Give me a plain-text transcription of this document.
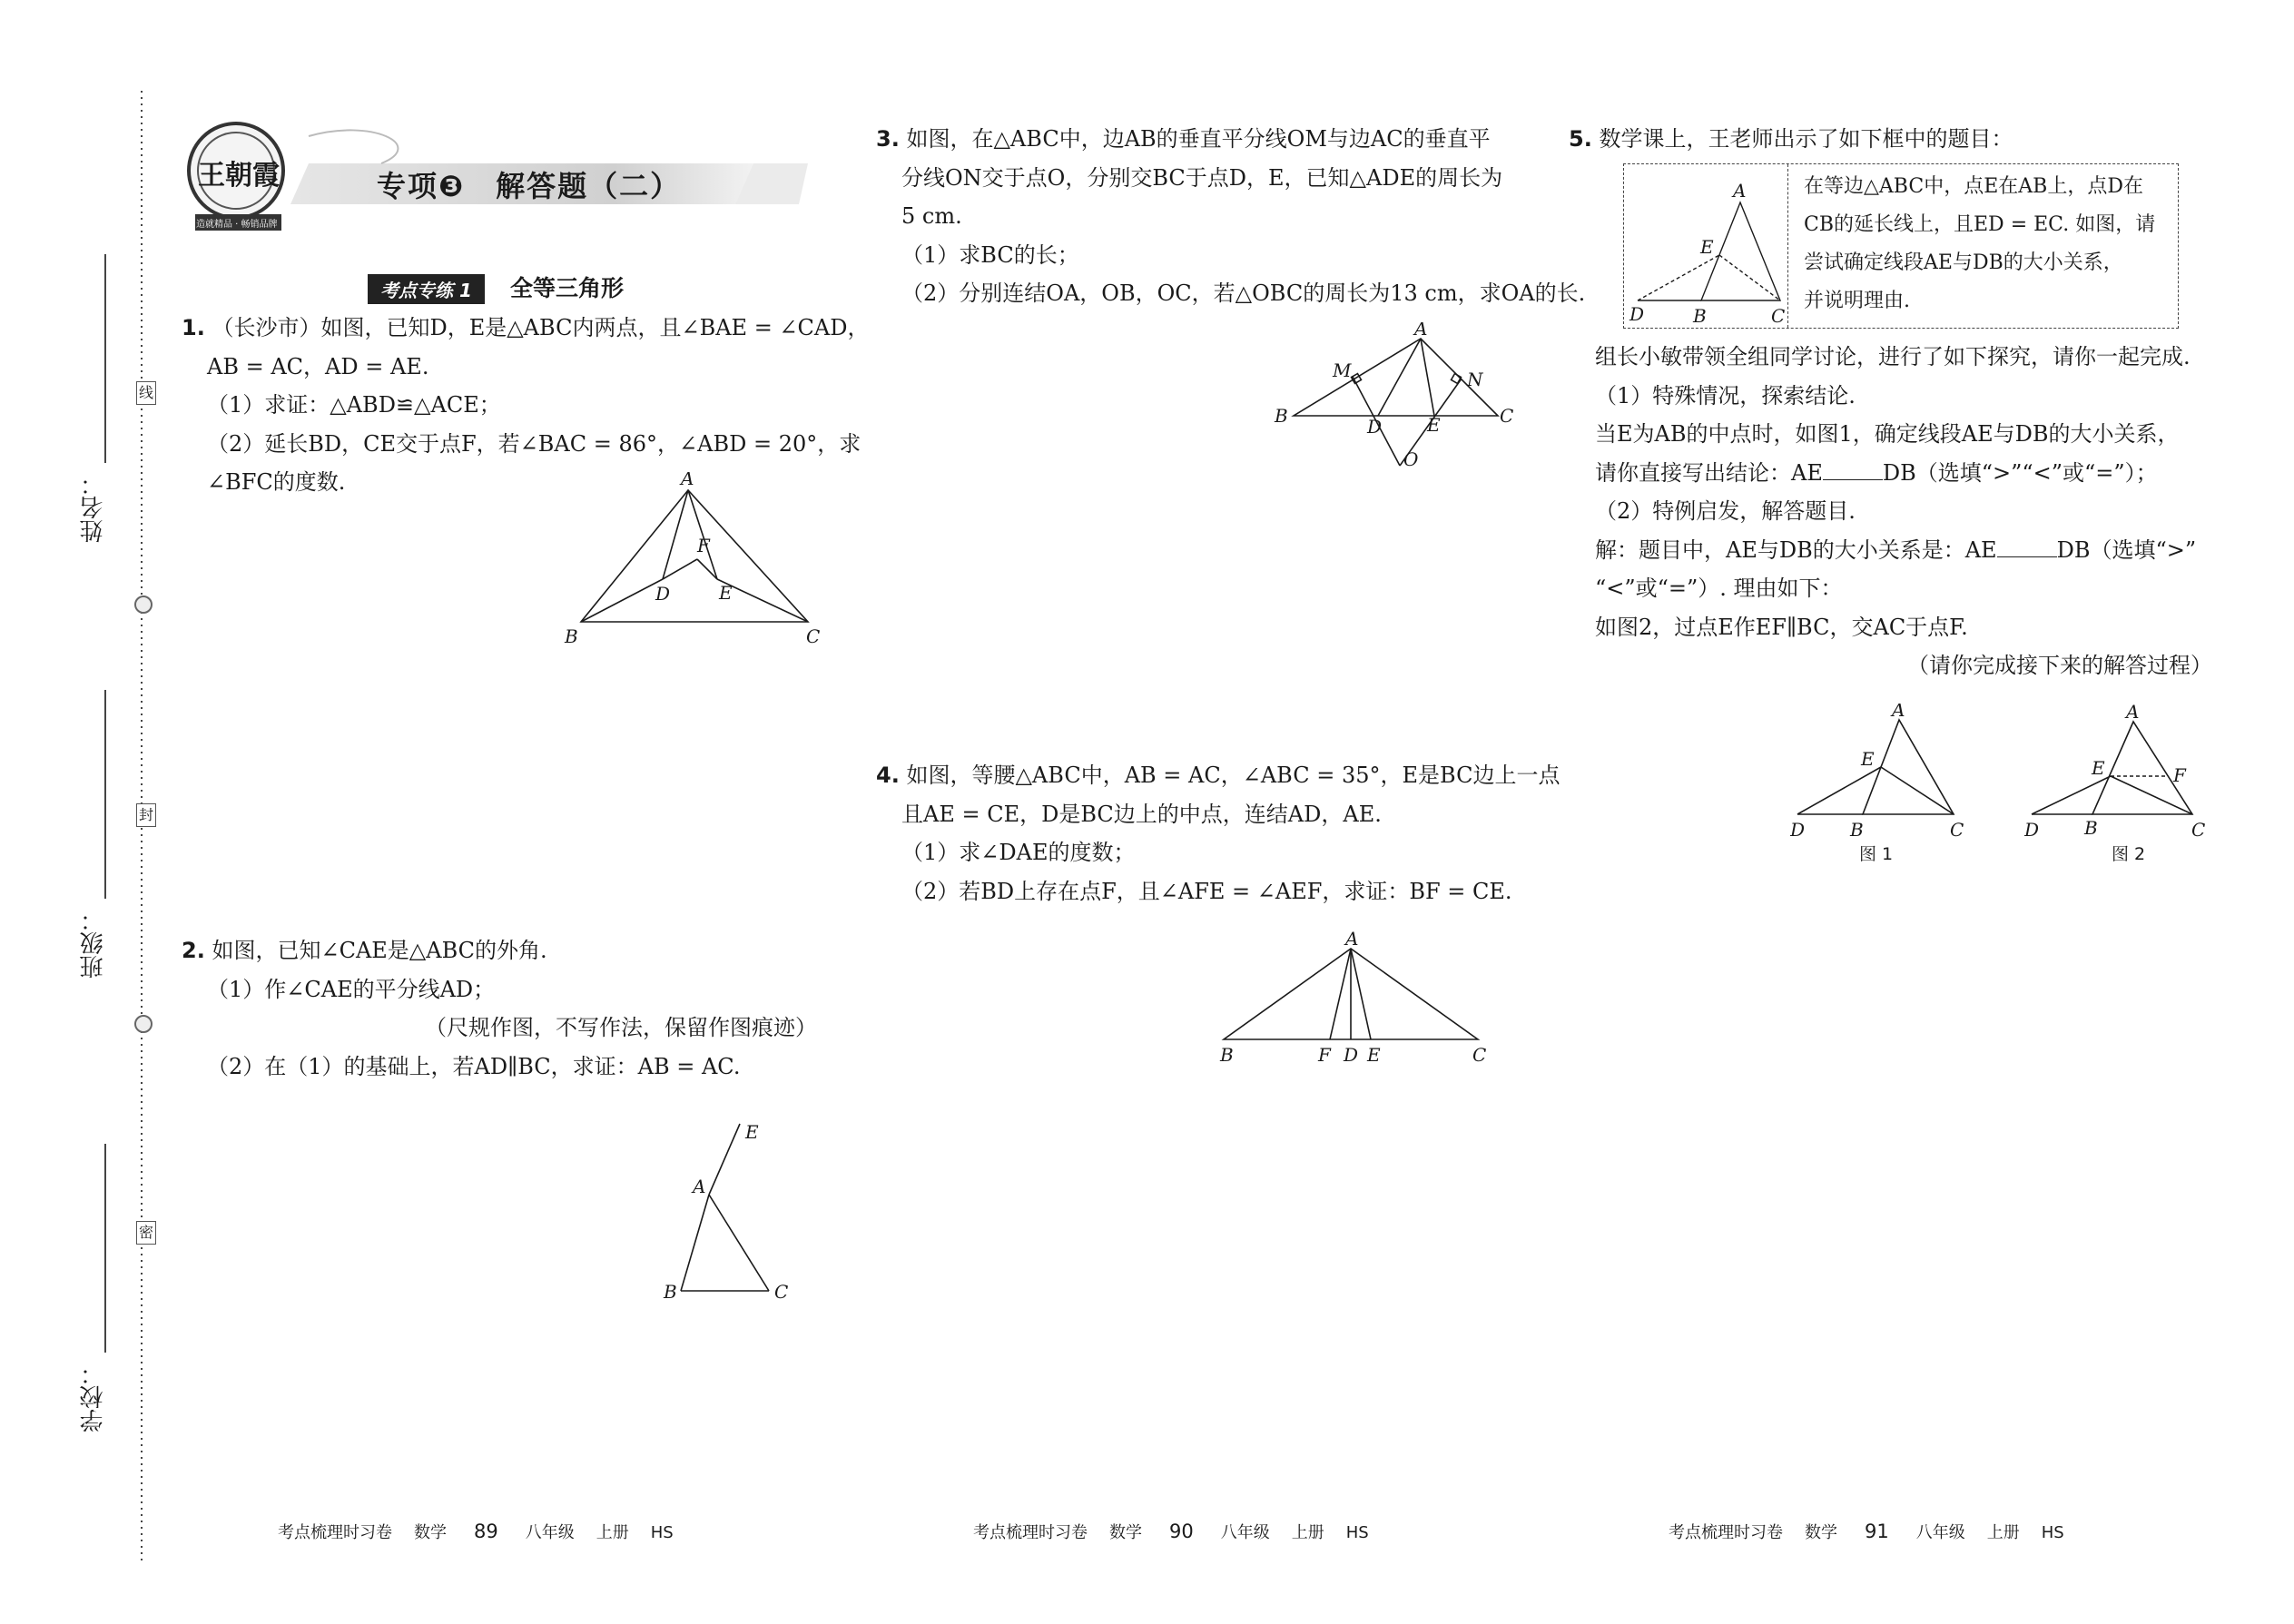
姓名：
班级：
学校：
线
封
密
王朝霞
造就精品 · 畅销品牌
专项❸　解答题（二）
考点专练 1	全等三角形

1. （长沙市）如图，已知D，E是△ABC内两点，且∠BAE = ∠CAD，

AB = AC，AD = AE.

（1）求证：△ABD≌△ACE；

（2）延长BD，CE交于点F，若∠BAC = 86°，∠ABD = 20°，求

∠BFC的度数.	A
B	C
D	E
F

2. 如图，已知∠CAE是△ABC的外角.

（1）作∠CAE的平分线AD；

（尺规作图，不写作法，保留作图痕迹）

（2）在（1）的基础上，若AD∥BC，求证：AB = AC.

E
A
B	C

3. 如图，在△ABC中，边AB的垂直平分线OM与边AC的垂直平

分线ON交于点O，分别交BC于点D，E，已知△ADE的周长为

5 cm.

（1）求BC的长；

（2）分别连结OA，OB，OC，若△OBC的周长为13 cm，求OA的长.

A
B	C
D E
M	N
O

4. 如图，等腰△ABC中，AB = AC，∠ABC = 35°，E是BC边上一点

且AE = CE，D是BC边上的中点，连结AD，AE.

（1）求∠DAE的度数；

（2）若BD上存在点F，且∠AFE = ∠AEF，求证：BF = CE.

A
B	F D E	C

5. 数学课上，王老师出示了如下框中的题目：

A
E
D	B	C
在等边△ABC中，点E在AB上，点D在
CB的延长线上，且ED = EC. 如图，请
尝试确定线段AE与DB的大小关系，
并说明理由.

组长小敏带领全组同学讨论，进行了如下探究，请你一起完成.

（1）特殊情况，探索结论.

当E为AB的中点时，如图1，确定线段AE与DB的大小关系，

请你直接写出结论：AE	DB（选填“>”“<”或“=”）；

（2）特例启发，解答题目.

解：题目中，AE与DB的大小关系是：AE	DB（选填“>”

“<”或“=”）. 理由如下：

如图2，过点E作EF∥BC，交AC于点F.

（请你完成接下来的解答过程）

A
E
D B	C
图 1
A
E	F
D B	C
图 2
考点梳理时习卷 数学 89 八年级 上册 HS	考点梳理时习卷 数学 90 八年级 上册 HS	考点梳理时习卷 数学 91 八年级 上册 HS
